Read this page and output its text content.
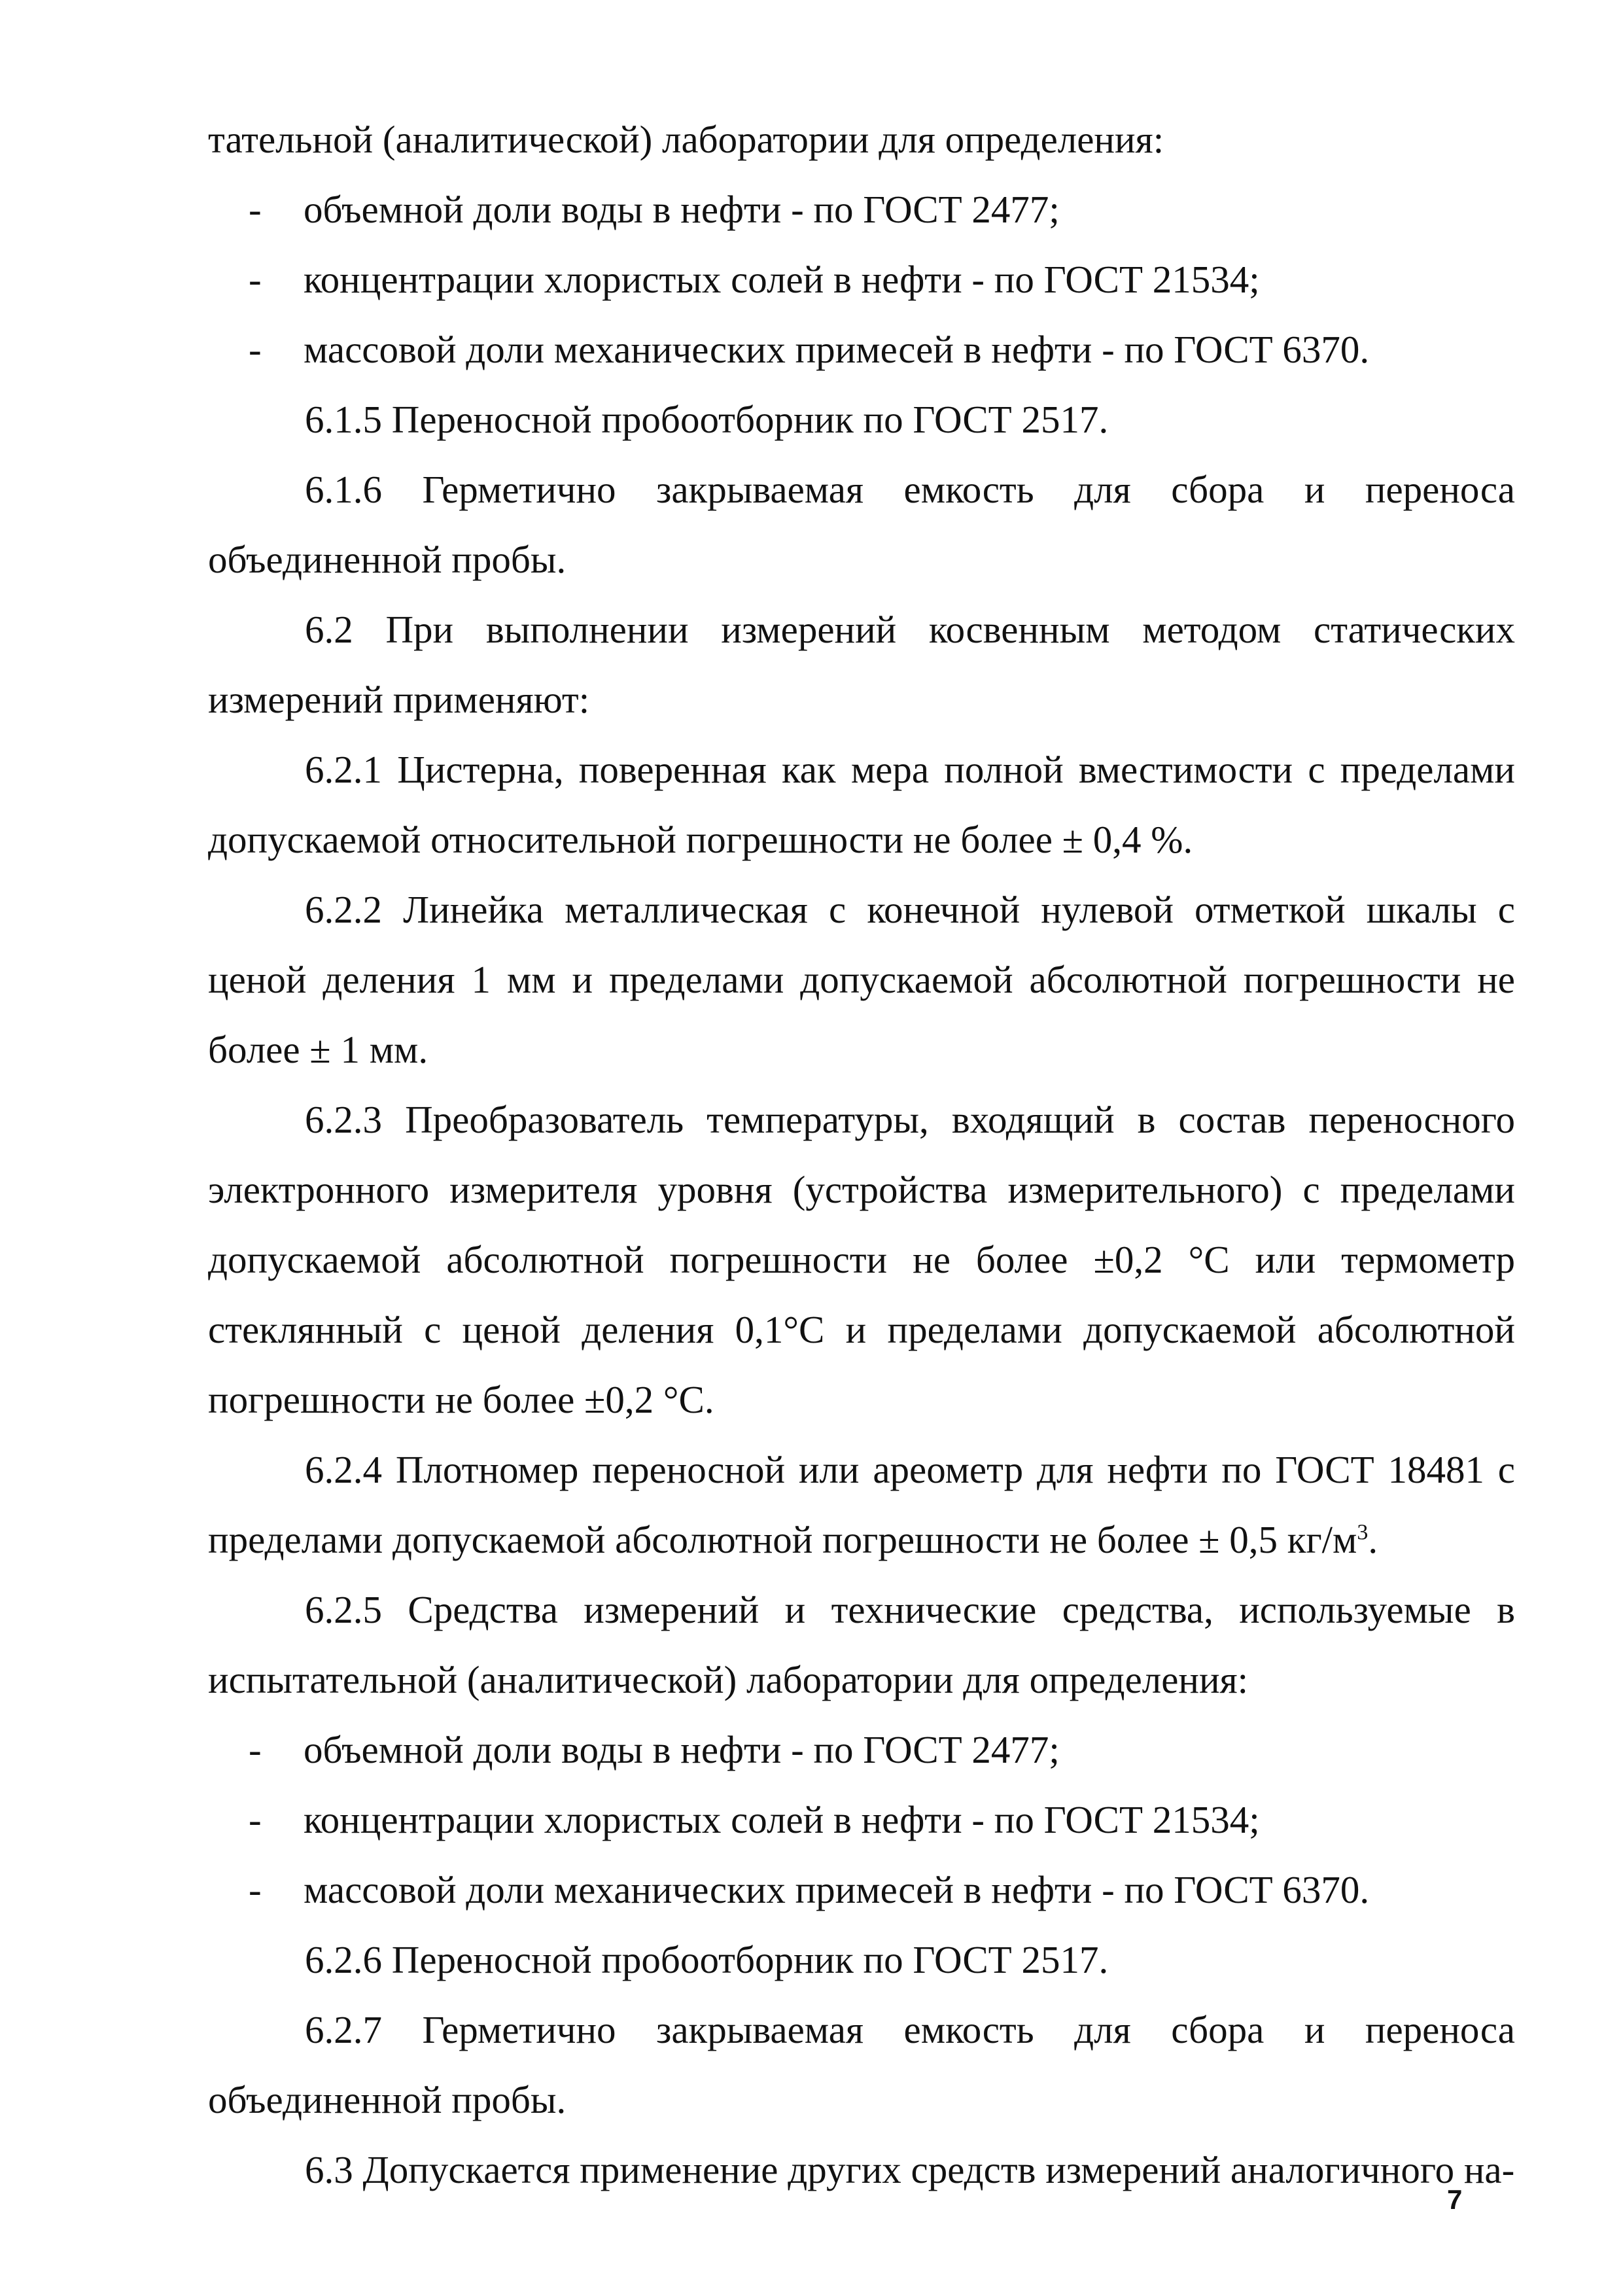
тательной (аналитической) лаборатории для определения:

- объемной доли воды в нефти - по ГОСТ 2477;

- концентрации хлористых солей в нефти - по ГОСТ 21534;

- массовой доли механических примесей в нефти - по ГОСТ 6370.

6.1.5 Переносной пробоотборник по ГОСТ 2517.

6.1.6 Герметично закрываемая емкость для сбора и переноса объединенной пробы.

6.2 При выполнении измерений косвенным методом статических измерений применяют:

6.2.1 Цистерна, поверенная как мера полной вместимости с пределами допускаемой относительной погрешности не более ± 0,4 %.

6.2.2 Линейка металлическая с конечной нулевой отметкой шкалы с ценой деления 1 мм и пределами допускаемой абсолютной погрешности не более ± 1 мм.

6.2.3 Преобразователь температуры, входящий в состав переносного электронного измерителя уровня (устройства измерительного) с пределами допускаемой абсолютной погрешности не более ±0,2 °С или термометр стеклянный с ценой деления 0,1°С и пределами допускаемой абсолютной погрешности не более ±0,2 °С.

6.2.4 Плотномер переносной или ареометр для нефти по ГОСТ 18481 с пределами допускаемой абсолютной погрешности не более ± 0,5 $кг/м^3$.

6.2.5 Средства измерений и технические средства, используемые в испытательной (аналитической) лаборатории для определения:

- объемной доли воды в нефти - по ГОСТ 2477;

- концентрации хлористых солей в нефти - по ГОСТ 21534;

- массовой доли механических примесей в нефти - по ГОСТ 6370.

6.2.6 Переносной пробоотборник по ГОСТ 2517.

6.2.7 Герметично закрываемая емкость для сбора и переноса объединенной пробы.

6.3 Допускается применение других средств измерений аналогичного на-

7
